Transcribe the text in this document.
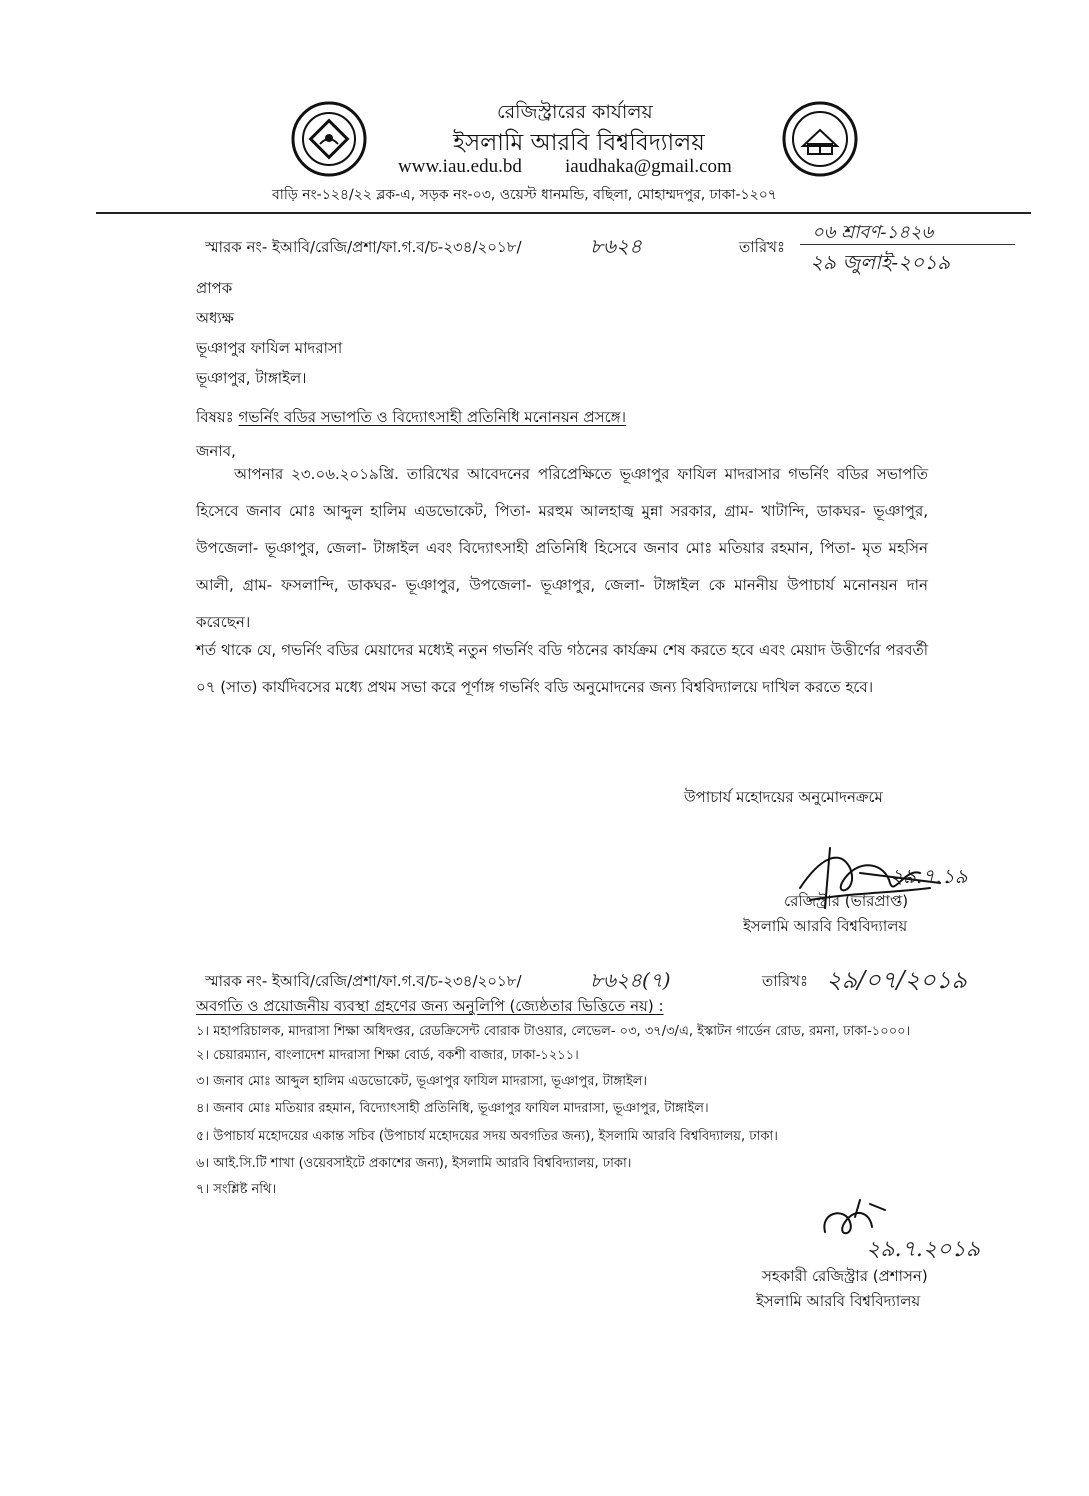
রেজিস্ট্রারের কার্যালয়
ইসলামি আরবি বিশ্ববিদ্যালয়
www.iau.edu.bd iaudhaka@gmail.com
বাড়ি নং-১২৪/২২ ব্লক-এ, সড়ক নং-০৩, ওয়েস্ট ধানমন্ডি, বছিলা, মোহাম্মদপুর, ঢাকা-১২০৭
স্মারক নং- ইআবি/রেজি/প্রশা/ফা.গ.ব/চ-২৩৪/২০১৮/	৮৬২৪	তারিখঃ
০৬ শ্রাবণ-১৪২৬
২৯ জুলাই-২০১৯
প্রাপক
অধ্যক্ষ
ভূঞাপুর ফাযিল মাদরাসা
ভূঞাপুর, টাঙ্গাইল।
বিষয়ঃ গভর্নিং বডির সভাপতি ও বিদ্যোৎসাহী প্রতিনিধি মনোনয়ন প্রসঙ্গে।
জনাব,

আপনার ২৩.০৬.২০১৯খ্রি. তারিখের আবেদনের পরিপ্রেক্ষিতে ভূঞাপুর ফাযিল মাদরাসার গভর্নিং বডির সভাপতি হিসেবে জনাব মোঃ আব্দুল হালিম এডভোকেট, পিতা- মরহুম আলহাজ্ব মুন্না সরকার, গ্রাম- খাটান্দি, ডাকঘর- ভূঞাপুর, উপজেলা- ভূঞাপুর, জেলা- টাঙ্গাইল এবং বিদ্যোৎসাহী প্রতিনিধি হিসেবে জনাব মোঃ মতিয়ার রহমান, পিতা- মৃত মহসিন আলী, গ্রাম- ফসলান্দি, ডাকঘর- ভূঞাপুর, উপজেলা- ভূঞাপুর, জেলা- টাঙ্গাইল কে মাননীয় উপাচার্য মনোনয়ন দান করেছেন।

শর্ত থাকে যে, গভর্নিং বডির মেয়াদের মধ্যেই নতুন গভর্নিং বডি গঠনের কার্যক্রম শেষ করতে হবে এবং মেয়াদ উত্তীর্ণের পরবর্তী ০৭ (সাত) কার্যদিবসের মধ্যে প্রথম সভা করে পূর্ণাঙ্গ গভর্নিং বডি অনুমোদনের জন্য বিশ্ববিদ্যালয়ে দাখিল করতে হবে।

উপাচার্য মহোদয়ের অনুমোদনক্রমে
২৯.৭.১৯
রেজিস্ট্রার (ভারপ্রাপ্ত)
ইসলামি আরবি বিশ্ববিদ্যালয়
স্মারক নং- ইআবি/রেজি/প্রশা/ফা.গ.ব/চ-২৩৪/২০১৮/	৮৬২৪(৭)	তারিখঃ ২৯/০৭/২০১৯
অবগতি ও প্রয়োজনীয় ব্যবস্থা গ্রহণের জন্য অনুলিপি (জ্যেষ্ঠতার ভিত্তিতে নয়) :
১। মহাপরিচালক, মাদরাসা শিক্ষা অধিদপ্তর, রেডক্রিসেন্ট বোরাক টাওয়ার, লেভেল- ০৩, ৩৭/৩/এ, ইস্কাটন গার্ডেন রোড, রমনা, ঢাকা-১০০০।
২। চেয়ারম্যান, বাংলাদেশ মাদরাসা শিক্ষা বোর্ড, বকশী বাজার, ঢাকা-১২১১।
৩। জনাব মোঃ আব্দুল হালিম এডভোকেট, ভূঞাপুর ফাযিল মাদরাসা, ভূঞাপুর, টাঙ্গাইল।
৪। জনাব মোঃ মতিয়ার রহমান, বিদ্যোৎসাহী প্রতিনিধি, ভূঞাপুর ফাযিল মাদরাসা, ভূঞাপুর, টাঙ্গাইল।
৫। উপাচার্য মহোদয়ের একান্ত সচিব (উপাচার্য মহোদয়ের সদয় অবগতির জন্য), ইসলামি আরবি বিশ্ববিদ্যালয়, ঢাকা।
৬। আই.সি.টি শাখা (ওয়েবসাইটে প্রকাশের জন্য), ইসলামি আরবি বিশ্ববিদ্যালয়, ঢাকা।
৭। সংশ্লিষ্ট নথি।
২৯.৭.২০১৯
সহকারী রেজিস্ট্রার (প্রশাসন)
ইসলামি আরবি বিশ্ববিদ্যালয়
